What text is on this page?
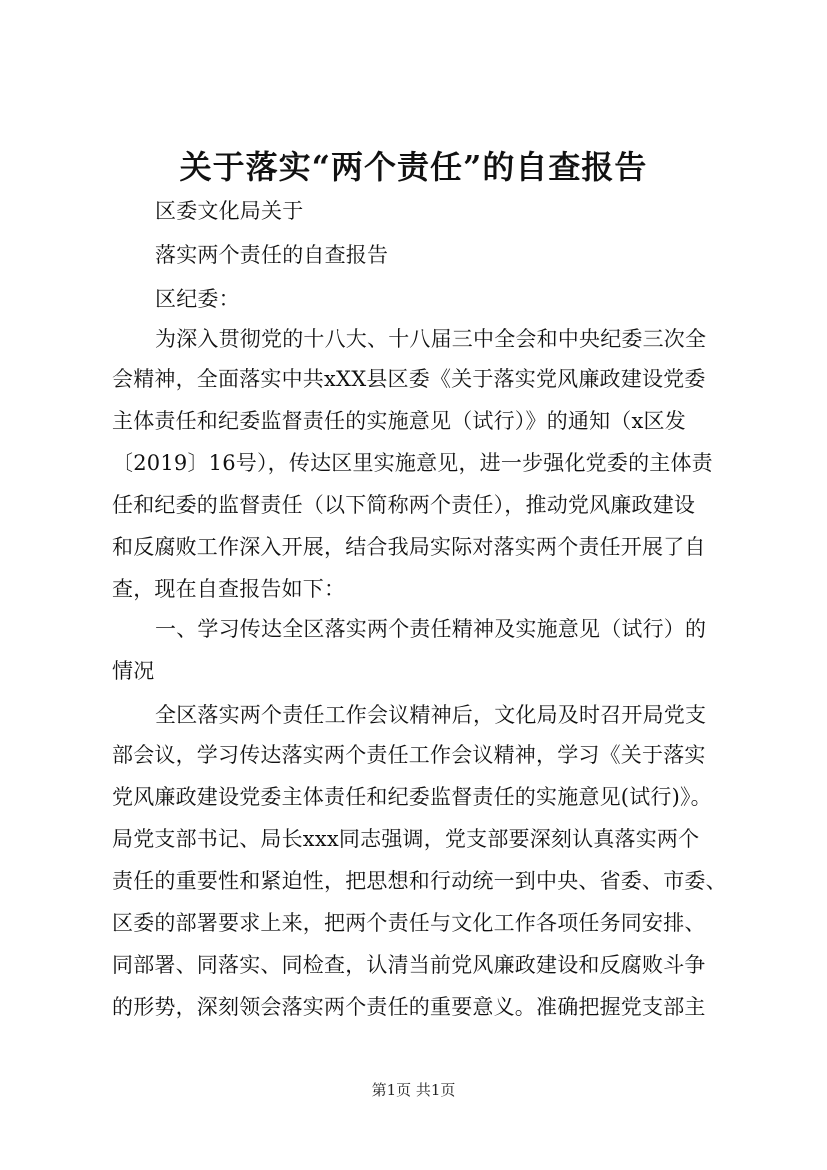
关于落实“两个责任”的自查报告
区委文化局关于
落实两个责任的自查报告
区纪委：
为深入贯彻党的十八大、十八届三中全会和中央纪委三次全
会精神，全面落实中共xXX县区委《关于落实党风廉政建设党委
主体责任和纪委监督责任的实施意见（试行）》的通知（x区发
〔2019〕16号），传达区里实施意见，进一步强化党委的主体责
任和纪委的监督责任（以下简称两个责任），推动党风廉政建设
和反腐败工作深入开展，结合我局实际对落实两个责任开展了自
查，现在自查报告如下：
一、学习传达全区落实两个责任精神及实施意见（试行）的
情况
全区落实两个责任工作会议精神后，文化局及时召开局党支
部会议，学习传达落实两个责任工作会议精神，学习《关于落实
党风廉政建设党委主体责任和纪委监督责任的实施意见(试行)》。
局党支部书记、局长xxx同志强调，党支部要深刻认真落实两个
责任的重要性和紧迫性，把思想和行动统一到中央、省委、市委、
区委的部署要求上来，把两个责任与文化工作各项任务同安排、
同部署、同落实、同检查，认清当前党风廉政建设和反腐败斗争
的形势，深刻领会落实两个责任的重要意义。准确把握党支部主
第1页 共1页
